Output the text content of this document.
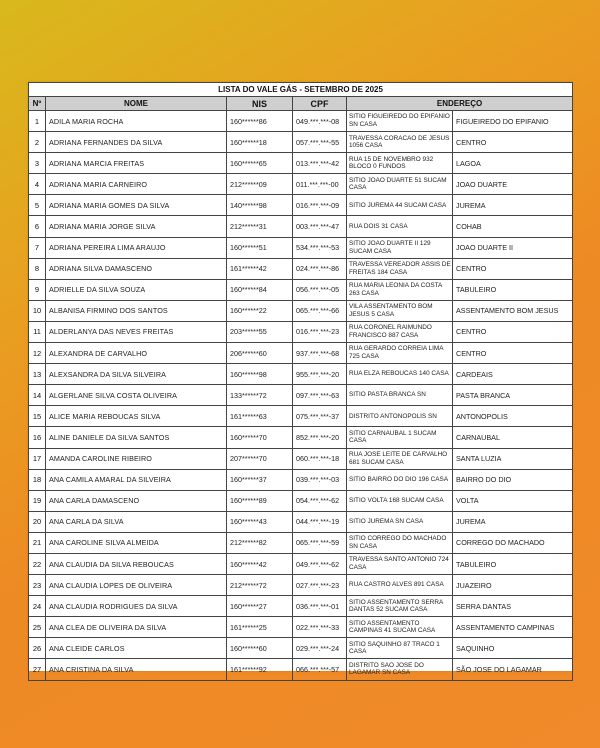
LISTA DO VALE GÁS - SETEMBRO DE 2025					
Nº	NOME	NIS	CPF	ENDEREÇO	
1	ADILA MARIA ROCHA	160******86	049.***.***-08	SITIO FIGUEIREDO DO EPIFANIO SN CASA	FIGUEIREDO DO EPIFANIO
2	ADRIANA FERNANDES DA SILVA	160******18	057.***.***-55	TRAVESSA CORACAO DE JESUS 1056 CASA	CENTRO
3	ADRIANA MARCIA FREITAS	160******65	013.***.***-42	RUA 15 DE NOVEMBRO 932 BLOCO 0 FUNDOS	LAGOA
4	ADRIANA MARIA CARNEIRO	212******09	011.***.***-00	SITIO JOAO DUARTE 51 SUCAM CASA	JOAO DUARTE
5	ADRIANA MARIA GOMES DA SILVA	140******98	016.***.***-09	SITIO JUREMA 44 SUCAM CASA	JUREMA
6	ADRIANA MARIA JORGE SILVA	212******31	003.***.***-47	RUA DOIS 31 CASA	COHAB
7	ADRIANA PEREIRA LIMA ARAUJO	160******51	534.***.***-53	SITIO JOAO DUARTE II 129 SUCAM CASA	JOAO DUARTE II
8	ADRIANA SILVA DAMASCENO	161******42	024.***.***-86	TRAVESSA VEREADOR ASSIS DE FREITAS 184 CASA	CENTRO
9	ADRIELLE DA SILVA SOUZA	160******84	056.***.***-05	RUA MARIA LEONIA DA COSTA 263 CASA	TABULEIRO
10	ALBANISA FIRMINO DOS SANTOS	160******22	065.***.***-66	VILA ASSENTAMENTO BOM JESUS 5 CASA	ASSENTAMENTO BOM JESUS
11	ALDERLANYA DAS NEVES FREITAS	203******55	016.***.***-23	RUA CORONEL RAIMUNDO FRANCISCO 887 CASA	CENTRO
12	ALEXANDRA DE CARVALHO	206******60	937.***.***-68	RUA GERARDO CORREIA LIMA 725 CASA	CENTRO
13	ALEXSANDRA DA SILVA SILVEIRA	160******98	955.***.***-20	RUA ELZA REBOUCAS 140 CASA	CARDEAIS
14	ALGERLANE SILVA COSTA OLIVEIRA	133******72	097.***.***-63	SITIO PASTA BRANCA SN	PASTA BRANCA
15	ALICE MARIA REBOUCAS SILVA	161******63	075.***.***-37	DISTRITO ANTONOPOLIS SN	ANTONOPOLIS
16	ALINE DANIELE DA SILVA SANTOS	160******70	852.***.***-20	SITIO CARNAUBAL 1 SUCAM CASA	CARNAUBAL
17	AMANDA CAROLINE RIBEIRO	207******70	060.***.***-18	RUA JOSE LEITE DE CARVALHO 681 SUCAM CASA	SANTA LUZIA
18	ANA CAMILA AMARAL DA SILVEIRA	160******37	039.***.***-03	SITIO BAIRRO DO DIO 196 CASA	BAIRRO DO DIO
19	ANA CARLA DAMASCENO	160******89	054.***.***-62	SITIO VOLTA 168 SUCAM CASA	VOLTA
20	ANA CARLA DA SILVA	160******43	044.***.***-19	SITIO JUREMA SN CASA	JUREMA
21	ANA CAROLINE SILVA ALMEIDA	212******82	065.***.***-59	SITIO CORREGO DO MACHADO SN CASA	CORREGO DO MACHADO
22	ANA CLAUDIA DA SILVA REBOUCAS	160******42	049.***.***-62	TRAVESSA SANTO ANTONIO 724 CASA	TABULEIRO
23	ANA CLAUDIA LOPES DE OLIVEIRA	212******72	027.***.***-23	RUA CASTRO ALVES 891 CASA	JUAZEIRO
24	ANA CLAUDIA RODRIGUES DA SILVA	160******27	036.***.***-01	SITIO ASSENTAMENTO SERRA DANTAS 52 SUCAM CASA	SERRA DANTAS
25	ANA CLEA DE OLIVEIRA DA SILVA	161******25	022.***.***-33	SITIO ASSENTAMENTO CAMPINAS 41 SUCAM CASA	ASSENTAMENTO CAMPINAS
26	ANA CLEIDE CARLOS	160******60	029.***.***-24	SITIO SAQUINHO 87 TRACO 1 CASA	SAQUINHO
27	ANA CRISTINA DA SILVA	161******92	066.***.***-57	DISTRITO SAO JOSE DO LAGAMAR SN CASA	SÃO JOSE DO LAGAMAR
